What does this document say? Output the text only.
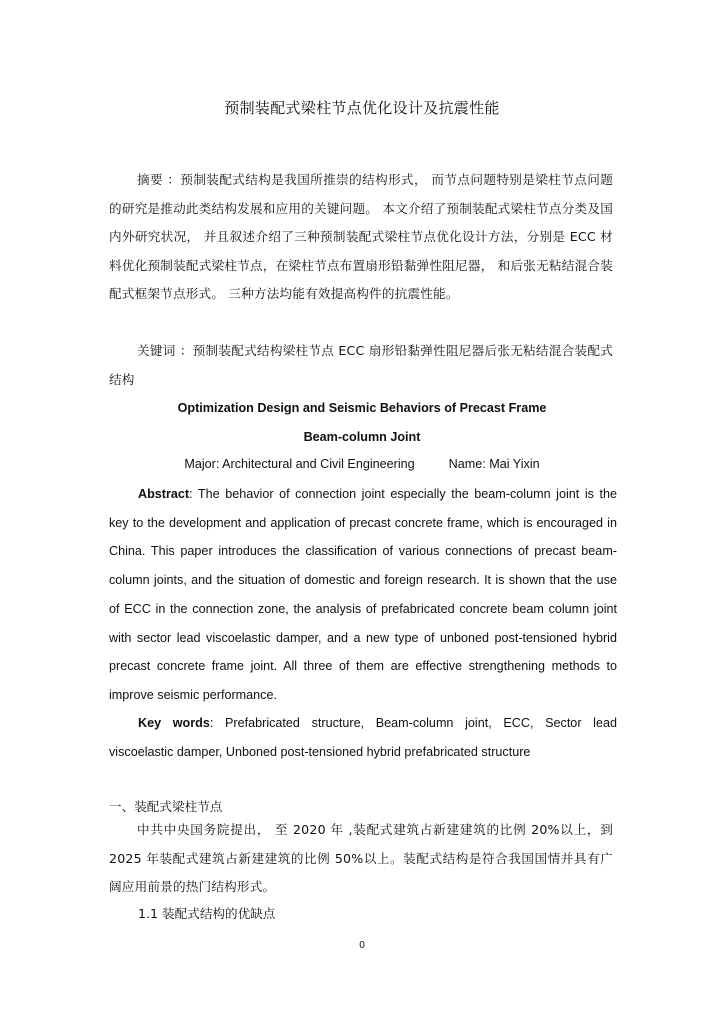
预制装配式梁柱节点优化设计及抗震性能
摘要 ：预制装配式结构是我国所推崇的结构形式， 而节点问题特别是梁柱节点问题的研究是推动此类结构发展和应用的关键问题。 本文介绍了预制装配式梁柱节点分类及国内外研究状况， 并且叙述介绍了三种预制装配式梁柱节点优化设计方法，分别是 ECC 材料优化预制装配式梁柱节点，在梁柱节点布置扇形铅黏弹性阻尼器， 和后张无粘结混合装配式框架节点形式。 三种方法均能有效提高构件的抗震性能。
关键词 ：预制装配式结构梁柱节点 ECC 扇形铅黏弹性阻尼器后张无粘结混合装配式结构
Optimization Design and Seismic Behaviors of Precast Frame
Beam-column Joint
Major: Architectural and Civil Engineering	Name: Mai Yixin
Abstract: The behavior of connection joint especially the beam-column joint is the key to the development and application of precast concrete frame, which is encouraged in China. This paper introduces the classification of various connections of precast beam-column joints, and the situation of domestic and foreign research. It is shown that the use of ECC in the connection zone, the analysis of prefabricated concrete beam column joint with sector lead viscoelastic damper, and a new type of unboned post-tensioned hybrid precast concrete frame joint. All three of them are effective strengthening methods to improve seismic performance.
Key words: Prefabricated structure, Beam-column joint, ECC, Sector lead viscoelastic damper, Unboned post-tensioned hybrid prefabricated structure
一、装配式梁柱节点
中共中央国务院提出， 至 2020 年 ,装配式建筑占新建建筑的比例 20%以上，到 2025 年装配式建筑占新建建筑的比例 50%以上。装配式结构是符合我国国情并具有广阔应用前景的热门结构形式。
1.1 装配式结构的优缺点
0
